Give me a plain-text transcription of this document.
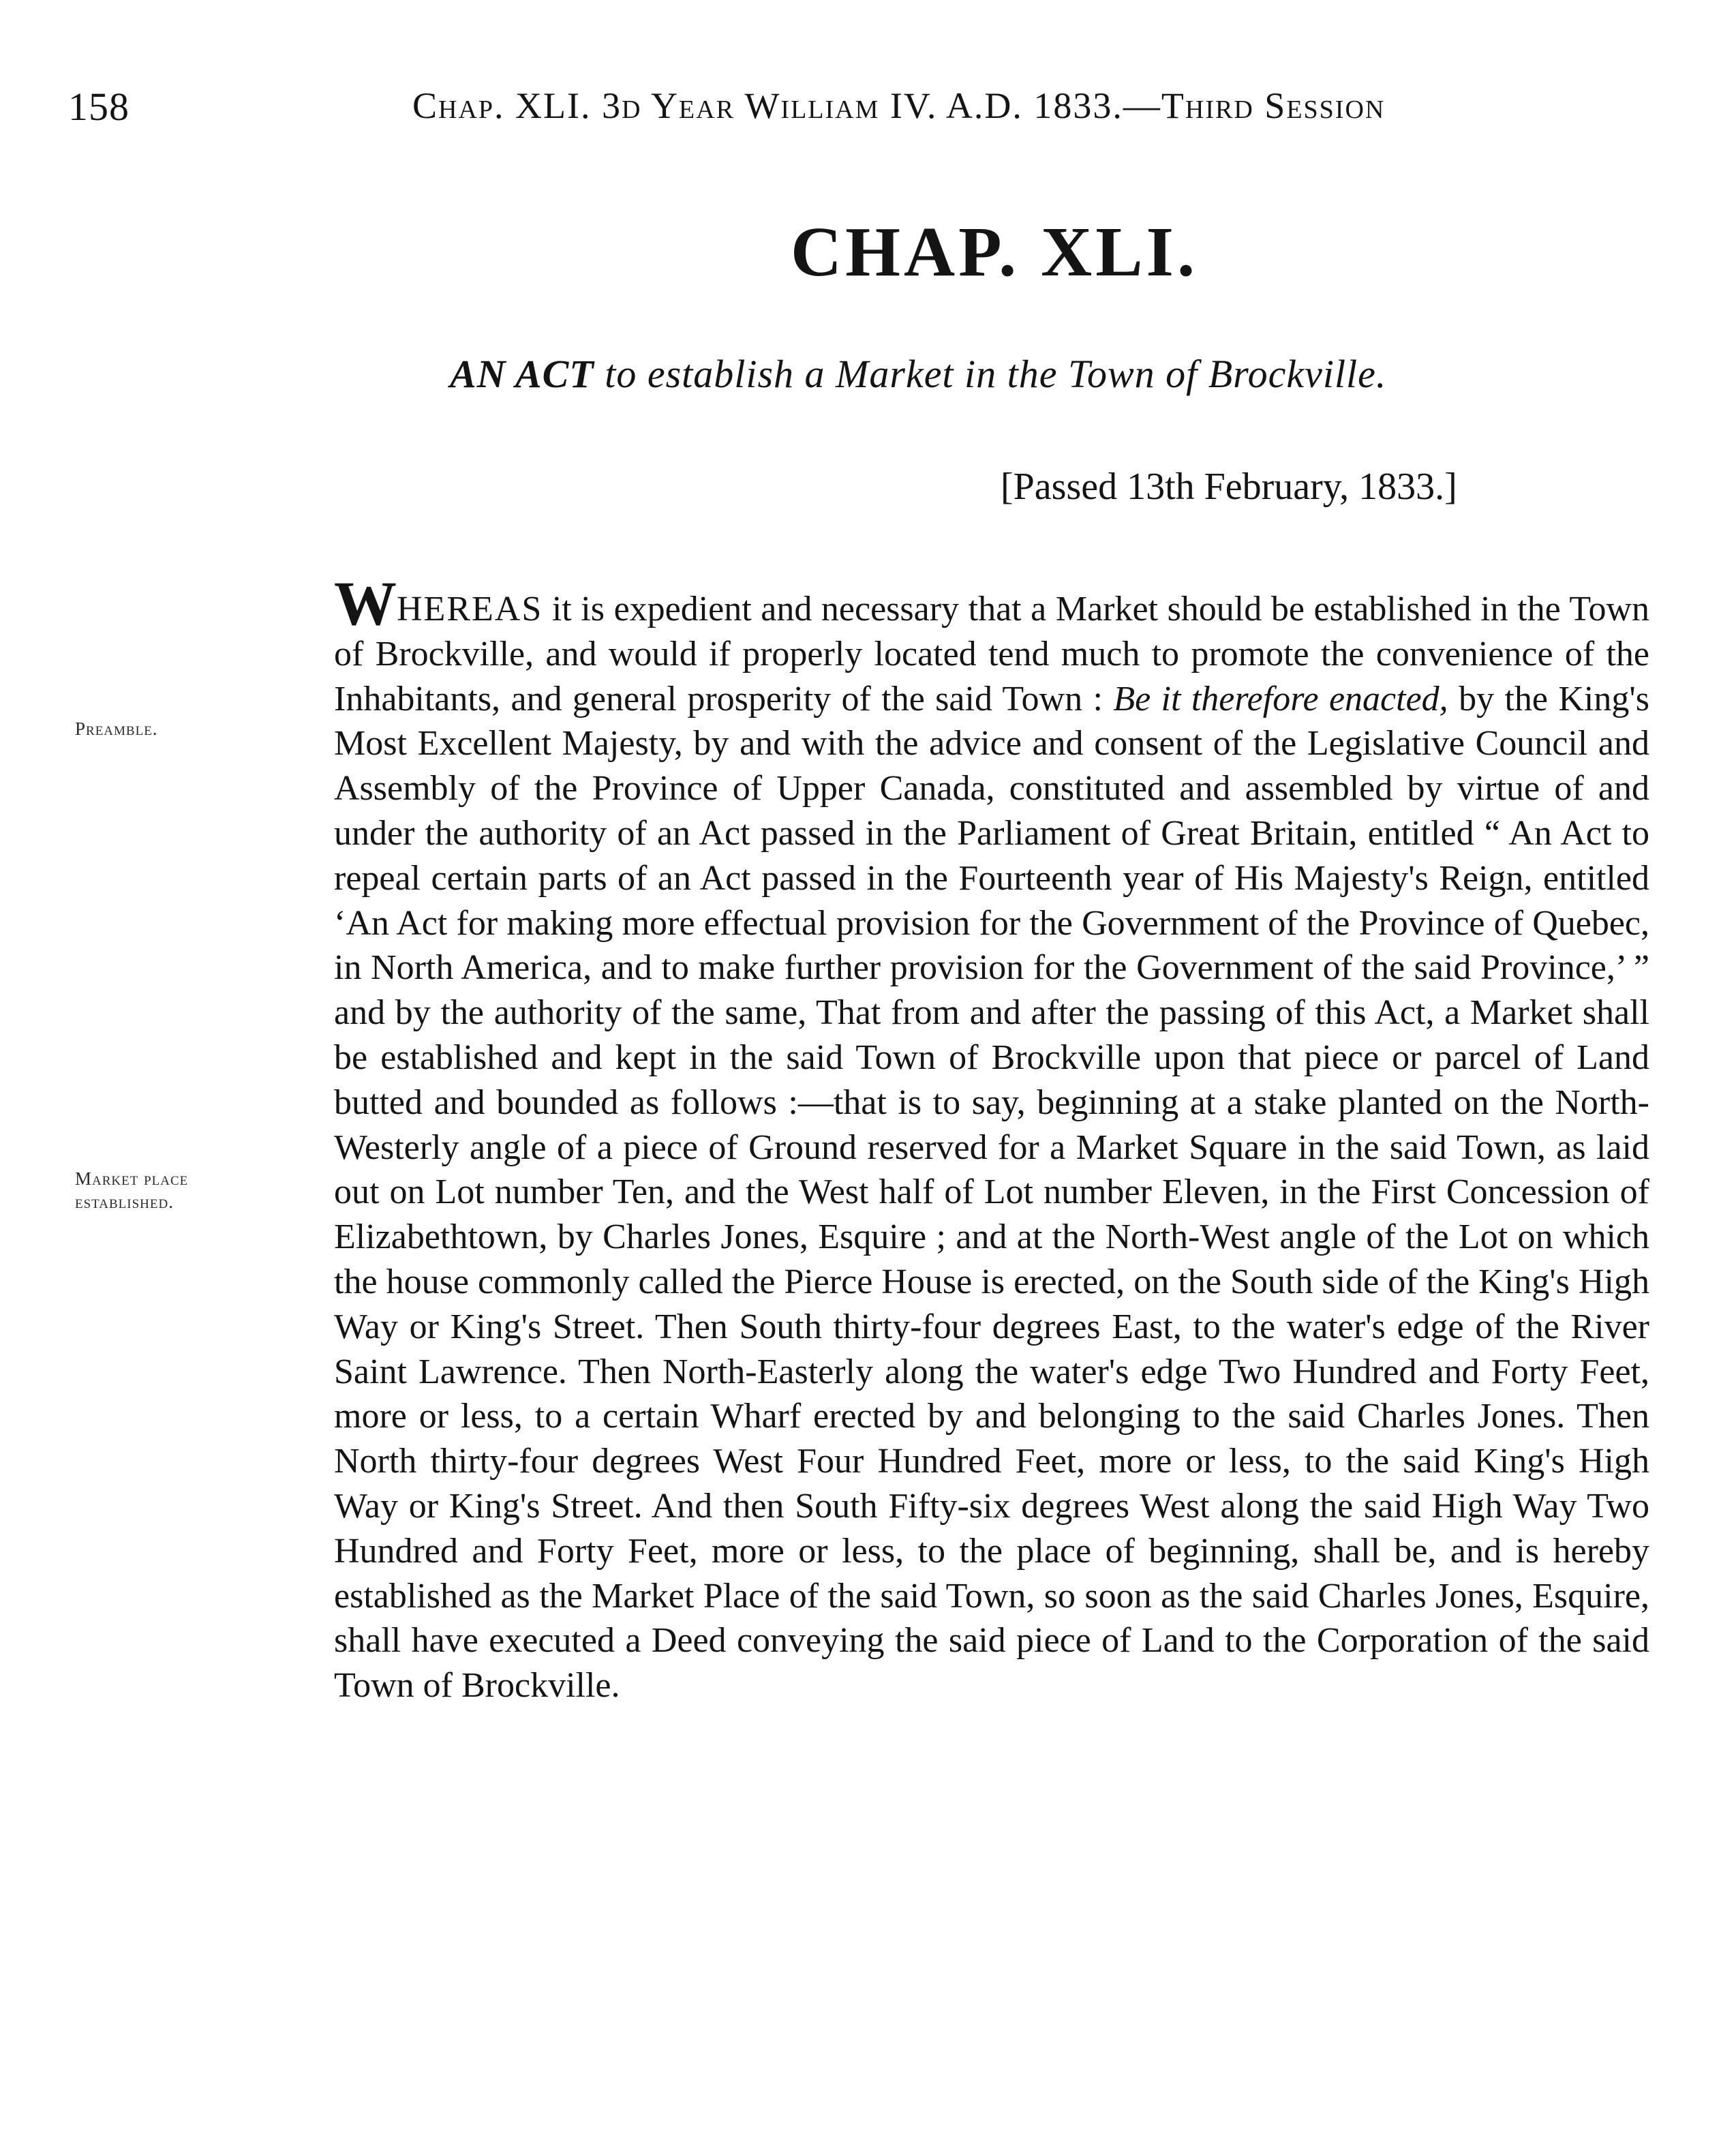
158	Chap. XLI. 3d Year William IV. A.D. 1833.—Third Session
CHAP. XLI.
AN ACT to establish a Market in the Town of Brockville.
[Passed 13th February, 1833.]
Preamble.
Market place established.
WHEREAS it is expedient and necessary that a Market should be established in the Town of Brockville, and would if properly located tend much to promote the convenience of the Inhabitants, and general prosperity of the said Town : Be it therefore enacted, by the King's Most Excellent Majesty, by and with the advice and consent of the Legislative Council and Assembly of the Province of Upper Canada, constituted and assembled by virtue of and under the authority of an Act passed in the Parliament of Great Britain, entitled “ An Act to repeal certain parts of an Act passed in the Fourteenth year of His Majesty's Reign, entitled ‘An Act for making more effectual provision for the Government of the Province of Quebec, in North America, and to make further provision for the Government of the said Province,’ ” and by the authority of the same, That from and after the passing of this Act, a Market shall be established and kept in the said Town of Brockville upon that piece or parcel of Land butted and bounded as follows :—that is to say, beginning at a stake planted on the North-Westerly angle of a piece of Ground reserved for a Market Square in the said Town, as laid out on Lot number Ten, and the West half of Lot number Eleven, in the First Concession of Elizabethtown, by Charles Jones, Esquire ; and at the North-West angle of the Lot on which the house commonly called the Pierce House is erected, on the South side of the King's High Way or King's Street. Then South thirty-four degrees East, to the water's edge of the River Saint Lawrence. Then North-Easterly along the water's edge Two Hundred and Forty Feet, more or less, to a certain Wharf erected by and belonging to the said Charles Jones. Then North thirty-four degrees West Four Hundred Feet, more or less, to the said King's High Way or King's Street. And then South Fifty-six degrees West along the said High Way Two Hundred and Forty Feet, more or less, to the place of beginning, shall be, and is hereby established as the Market Place of the said Town, so soon as the said Charles Jones, Esquire, shall have executed a Deed conveying the said piece of Land to the Corporation of the said Town of Brockville.
